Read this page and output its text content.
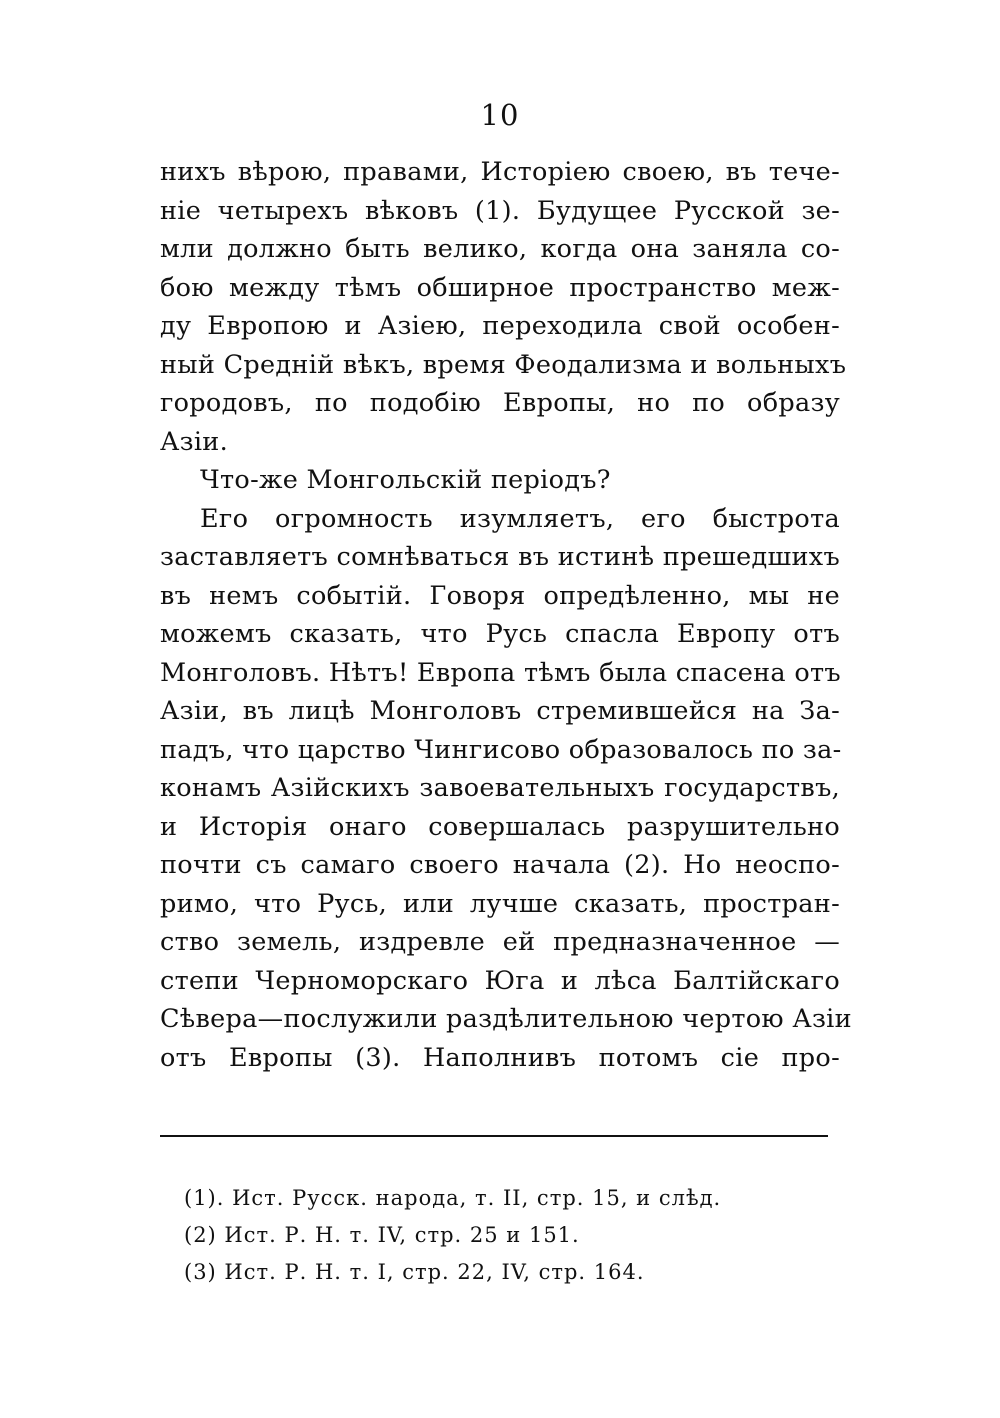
10
нихъ вѣрою, правами, Исторіею своею, въ тече-
ніе четырехъ вѣковъ (1). Будущее Русской зе-
мли должно быть велико, когда она заняла со-
бою между тѣмъ обширное пространство меж-
ду Европою и Азіею, переходила свой особен-
ный Средній вѣкъ, время Феодализма и вольныхъ
городовъ, по подобію Европы, но по образу
Азіи.
Что-же Монгольскій періодъ?
Его огромность изумляетъ, его быстрота
заставляетъ сомнѣваться въ истинѣ прешедшихъ
въ немъ событій. Говоря опредѣленно, мы не
можемъ сказать, что Русь спасла Европу отъ
Монголовъ. Нѣтъ! Европа тѣмъ была спасена отъ
Азіи, въ лицѣ Монголовъ стремившейся на За-
падъ, что царство Чингисово образовалось по за-
конамъ Азійскихъ завоевательныхъ государствъ,
и Исторія онаго совершалась разрушительно
почти съ самаго своего начала (2). Но неоспо-
римо, что Русь, или лучше сказать, простран-
ство земель, издревле ей предназначенное —
степи Черноморскаго Юга и лѣса Балтійскаго
Сѣвера—послужили раздѣлительною чертою Азіи
отъ Европы (3). Наполнивъ потомъ сіе про-
(1). Ист. Русск. народа, т. II, стр. 15, и слѣд.
(2) Ист. Р. Н. т. IV, стр. 25 и 151.
(3) Ист. Р. Н. т. I, стр. 22, IV, стр. 164.
